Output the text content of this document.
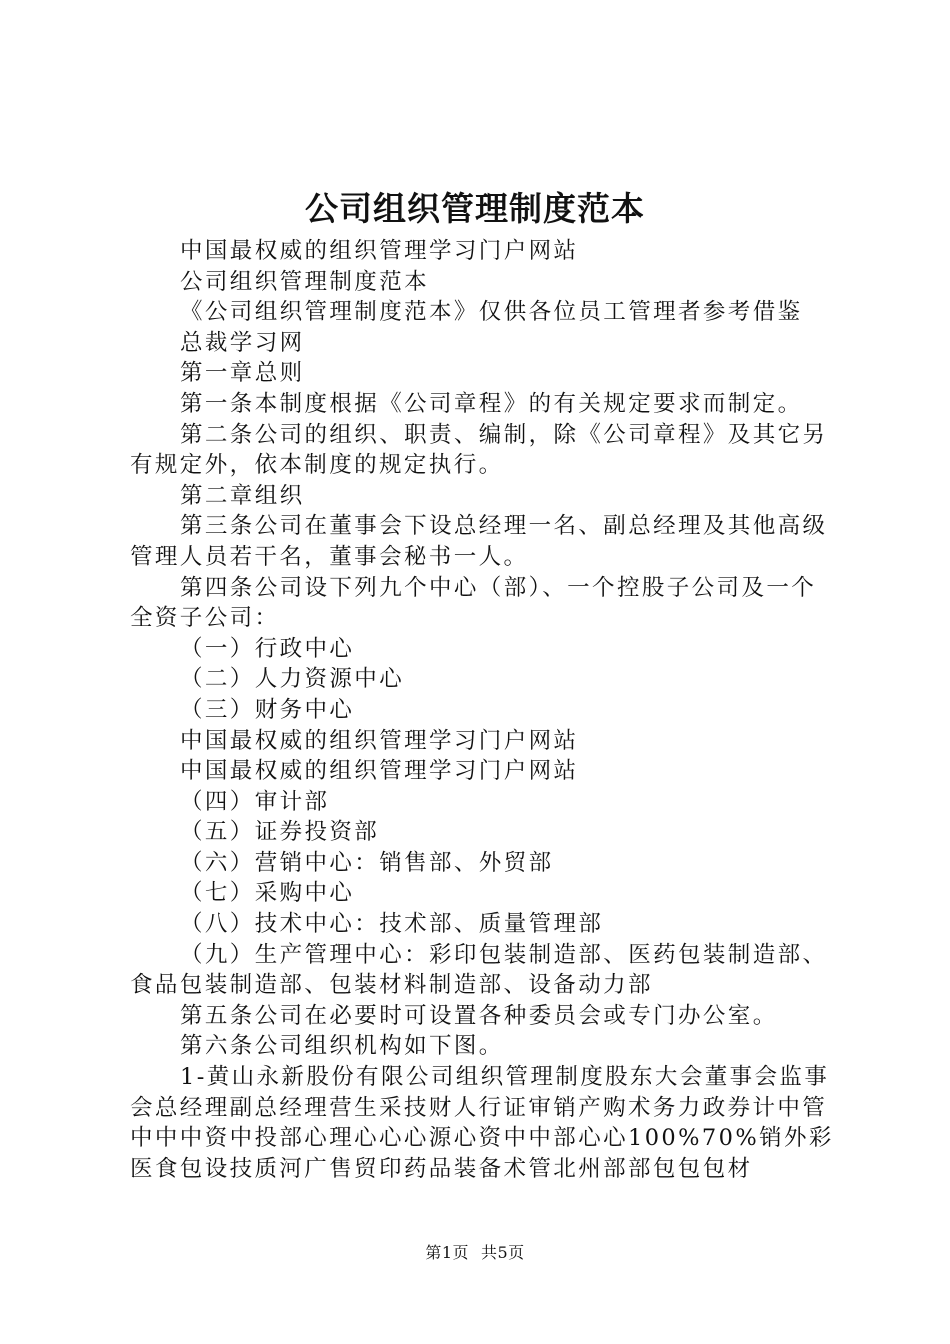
公司组织管理制度范本

中国最权威的组织管理学习门户网站

公司组织管理制度范本

《公司组织管理制度范本》仅供各位员工管理者参考借鉴

总裁学习网

第一章总则

第一条本制度根据《公司章程》的有关规定要求而制定。

第二条公司的组织、职责、编制，除《公司章程》及其它另有规定外，依本制度的规定执行。

第二章组织

第三条公司在董事会下设总经理一名、副总经理及其他高级管理人员若干名，董事会秘书一人。

第四条公司设下列九个中心（部）、一个控股子公司及一个全资子公司：

（一）行政中心

（二）人力资源中心

（三）财务中心

中国最权威的组织管理学习门户网站

中国最权威的组织管理学习门户网站

（四）审计部

（五）证券投资部

（六）营销中心：销售部、外贸部

（七）采购中心

（八）技术中心：技术部、质量管理部

（九）生产管理中心：彩印包装制造部、医药包装制造部、食品包装制造部、包装材料制造部、设备动力部

第五条公司在必要时可设置各种委员会或专门办公室。

第六条公司组织机构如下图。

1-黄山永新股份有限公司组织管理制度股东大会董事会监事会总经理副总经理营生采技财人行证审销产购术务力政券计中管中中中资中投部心理心心心源心资中中部心心100%70%销外彩医食包设技质河广售贸印药品装备术管北州部部包包包材

第1页 共5页
